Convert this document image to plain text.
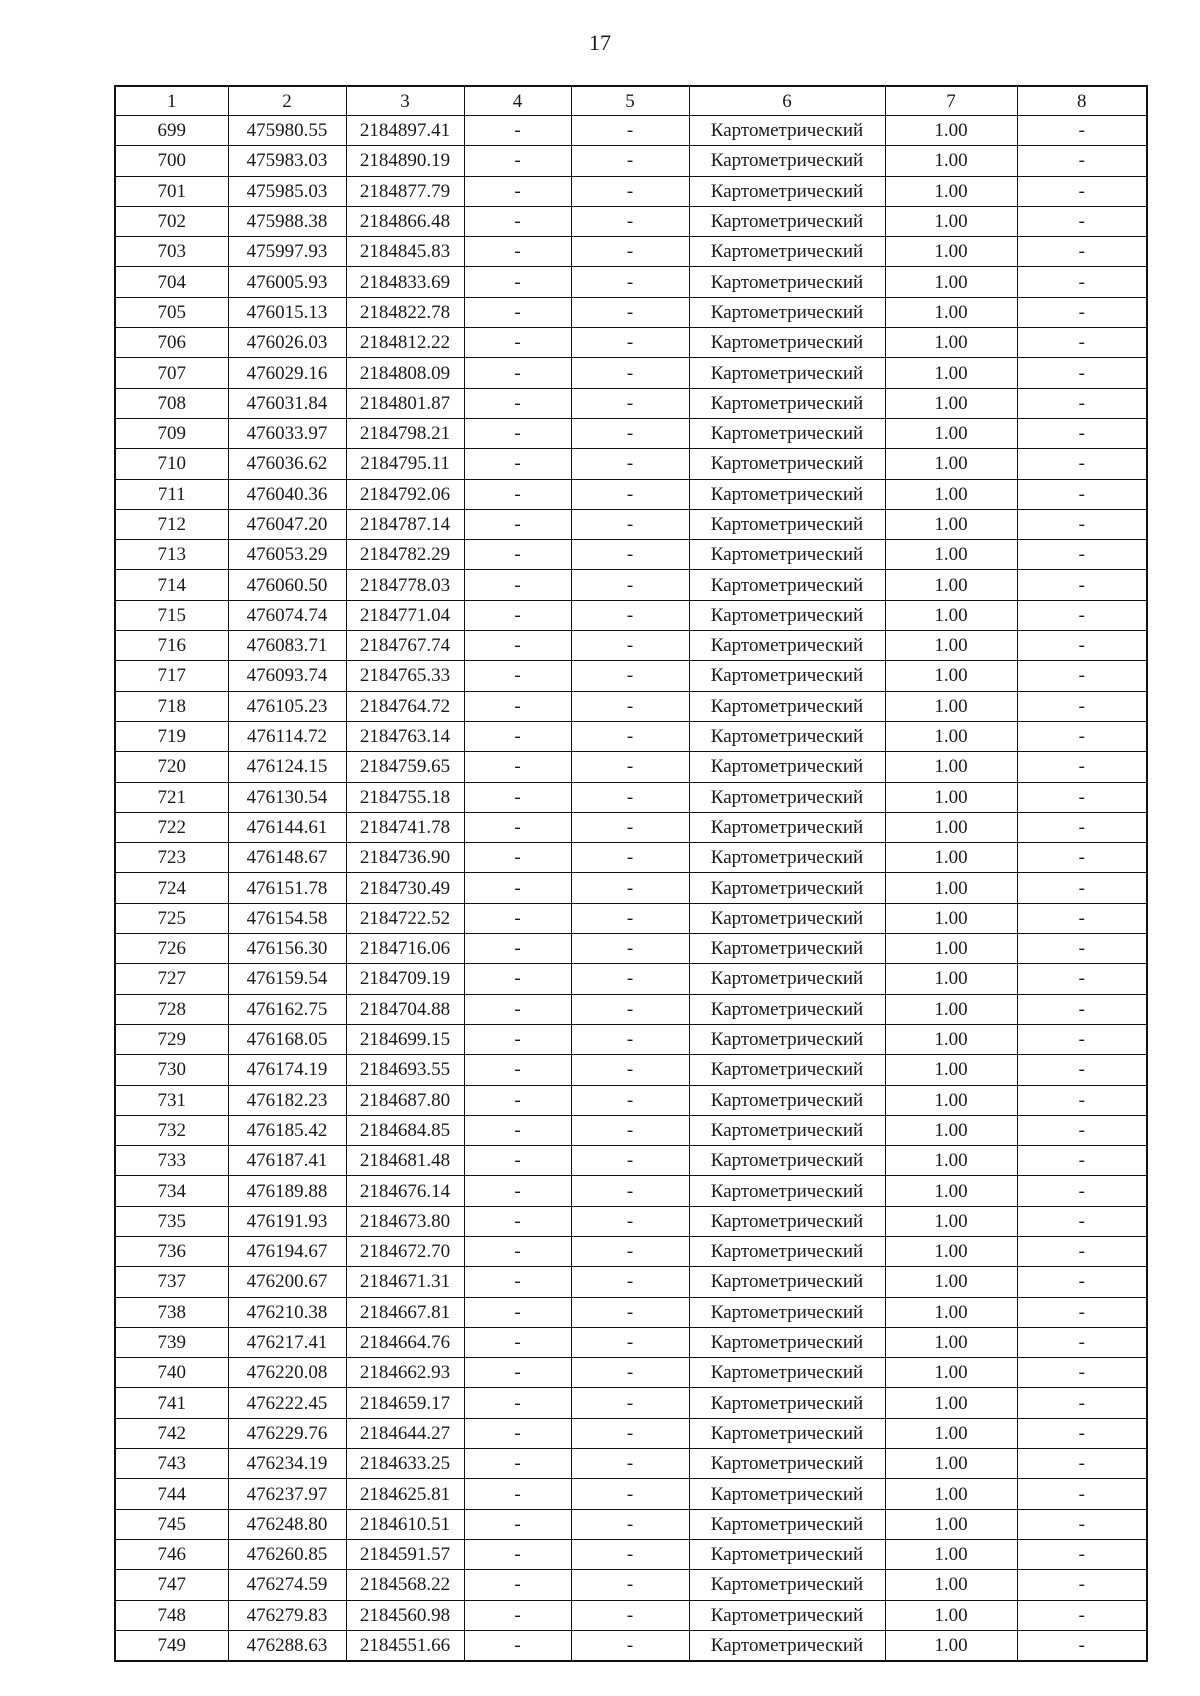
17
1	2	3	4	5	6	7	8
699	475980.55	2184897.41	-	-	Картометрический	1.00	-
700	475983.03	2184890.19	-	-	Картометрический	1.00	-
701	475985.03	2184877.79	-	-	Картометрический	1.00	-
702	475988.38	2184866.48	-	-	Картометрический	1.00	-
703	475997.93	2184845.83	-	-	Картометрический	1.00	-
704	476005.93	2184833.69	-	-	Картометрический	1.00	-
705	476015.13	2184822.78	-	-	Картометрический	1.00	-
706	476026.03	2184812.22	-	-	Картометрический	1.00	-
707	476029.16	2184808.09	-	-	Картометрический	1.00	-
708	476031.84	2184801.87	-	-	Картометрический	1.00	-
709	476033.97	2184798.21	-	-	Картометрический	1.00	-
710	476036.62	2184795.11	-	-	Картометрический	1.00	-
711	476040.36	2184792.06	-	-	Картометрический	1.00	-
712	476047.20	2184787.14	-	-	Картометрический	1.00	-
713	476053.29	2184782.29	-	-	Картометрический	1.00	-
714	476060.50	2184778.03	-	-	Картометрический	1.00	-
715	476074.74	2184771.04	-	-	Картометрический	1.00	-
716	476083.71	2184767.74	-	-	Картометрический	1.00	-
717	476093.74	2184765.33	-	-	Картометрический	1.00	-
718	476105.23	2184764.72	-	-	Картометрический	1.00	-
719	476114.72	2184763.14	-	-	Картометрический	1.00	-
720	476124.15	2184759.65	-	-	Картометрический	1.00	-
721	476130.54	2184755.18	-	-	Картометрический	1.00	-
722	476144.61	2184741.78	-	-	Картометрический	1.00	-
723	476148.67	2184736.90	-	-	Картометрический	1.00	-
724	476151.78	2184730.49	-	-	Картометрический	1.00	-
725	476154.58	2184722.52	-	-	Картометрический	1.00	-
726	476156.30	2184716.06	-	-	Картометрический	1.00	-
727	476159.54	2184709.19	-	-	Картометрический	1.00	-
728	476162.75	2184704.88	-	-	Картометрический	1.00	-
729	476168.05	2184699.15	-	-	Картометрический	1.00	-
730	476174.19	2184693.55	-	-	Картометрический	1.00	-
731	476182.23	2184687.80	-	-	Картометрический	1.00	-
732	476185.42	2184684.85	-	-	Картометрический	1.00	-
733	476187.41	2184681.48	-	-	Картометрический	1.00	-
734	476189.88	2184676.14	-	-	Картометрический	1.00	-
735	476191.93	2184673.80	-	-	Картометрический	1.00	-
736	476194.67	2184672.70	-	-	Картометрический	1.00	-
737	476200.67	2184671.31	-	-	Картометрический	1.00	-
738	476210.38	2184667.81	-	-	Картометрический	1.00	-
739	476217.41	2184664.76	-	-	Картометрический	1.00	-
740	476220.08	2184662.93	-	-	Картометрический	1.00	-
741	476222.45	2184659.17	-	-	Картометрический	1.00	-
742	476229.76	2184644.27	-	-	Картометрический	1.00	-
743	476234.19	2184633.25	-	-	Картометрический	1.00	-
744	476237.97	2184625.81	-	-	Картометрический	1.00	-
745	476248.80	2184610.51	-	-	Картометрический	1.00	-
746	476260.85	2184591.57	-	-	Картометрический	1.00	-
747	476274.59	2184568.22	-	-	Картометрический	1.00	-
748	476279.83	2184560.98	-	-	Картометрический	1.00	-
749	476288.63	2184551.66	-	-	Картометрический	1.00	-
